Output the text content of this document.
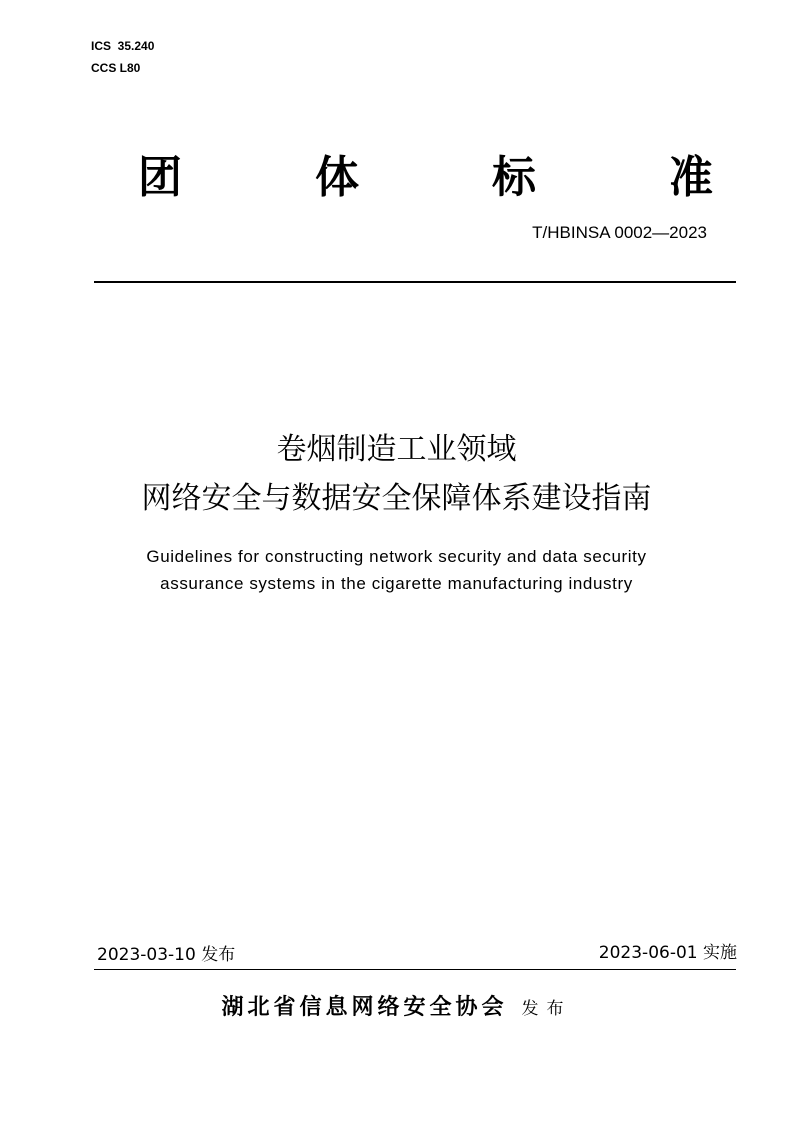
ICS  35.240
CCS L80
团	体	标	准
T/HBINSA 0002—2023
卷烟制造工业领域
网络安全与数据安全保障体系建设指南
Guidelines for constructing network security and data security
assurance systems in the cigarette manufacturing industry
2023-03-10 发布	2023-06-01 实施
湖北省信息网络安全协会 发布
